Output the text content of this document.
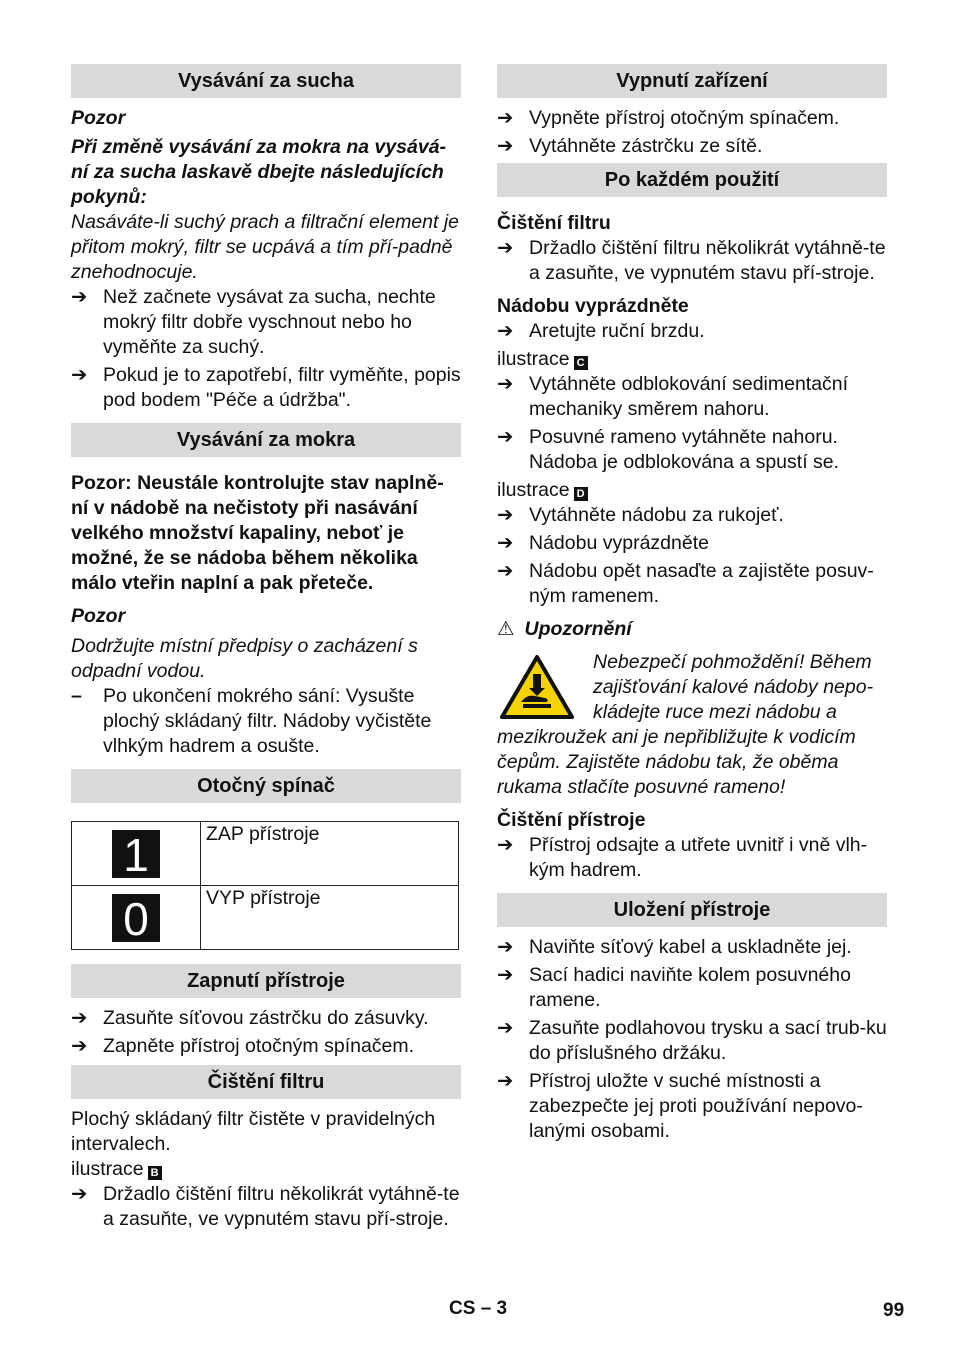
Vysávání za sucha

Pozor

Při změně vysávání za mokra na vysává-ní za sucha laskavě dbejte následujících pokynů:

Nasáváte-li suchý prach a filtrační element je přitom mokrý, filtr se ucpává a tím pří-padně znehodnocuje.

➔ Než začnete vysávat za sucha, nechte mokrý filtr dobře vyschnout nebo ho vyměňte za suchý.
➔ Pokud je to zapotřebí, filtr vyměňte, popis pod bodem "Péče a údržba".
Vysávání za mokra

Pozor: Neustále kontrolujte stav naplně-ní v nádobě na nečistoty při nasávání velkého množství kapaliny, neboť je možné, že se nádoba během několika málo vteřin naplní a pak přeteče.

Pozor

Dodržujte místní předpisy o zacházení s odpadní vodou.

– Po ukončení mokrého sání: Vysušte plochý skládaný filtr. Nádoby vyčistěte vlhkým hadrem a osušte.
Otočný spínač
1	ZAP přístroje
0	VYP přístroje
Zapnutí přístroje
➔ Zasuňte síťovou zástrčku do zásuvky.
➔ Zapněte přístroj otočným spínačem.
Čištění filtru

Plochý skládaný filtr čistěte v pravidelných intervalech.

ilustrace B

➔ Držadlo čištění filtru několikrát vytáhně-te a zasuňte, ve vypnutém stavu pří-stroje.
Vypnutí zařízení
➔ Vypněte přístroj otočným spínačem.
➔ Vytáhněte zástrčku ze sítě.
Po každém použití

Čištění filtru

➔ Držadlo čištění filtru několikrát vytáhně-te a zasuňte, ve vypnutém stavu pří-stroje.

Nádobu vyprázdněte

➔ Aretujte ruční brzdu.

ilustrace C

➔ Vytáhněte odblokování sedimentační mechaniky směrem nahoru.
➔ Posuvné rameno vytáhněte nahoru. Nádoba je odblokována a spustí se.

ilustrace D

➔ Vytáhněte nádobu za rukojeť.
➔ Nádobu vyprázdněte
➔ Nádobu opět nasaďte a zajistěte posuv-ným ramenem.

⚠ Upozornění

Nebezpečí pohmoždění! Během zajišťování kalové nádoby nepo-kládejte ruce mezi nádobu a mezikroužek ani je nepřibližujte k vodicím čepům. Zajistěte nádobu tak, že oběma rukama stlačíte posuvné rameno!

Čištění přístroje

➔ Přístroj odsajte a utřete uvnitř i vně vlh-kým hadrem.
Uložení přístroje
➔ Naviňte síťový kabel a uskladněte jej.
➔ Sací hadici naviňte kolem posuvného ramene.
➔ Zasuňte podlahovou trysku a sací trub-ku do příslušného držáku.
➔ Přístroj uložte v suché místnosti a zabezpečte jej proti používání nepovo-lanými osobami.
CS – 3	99
